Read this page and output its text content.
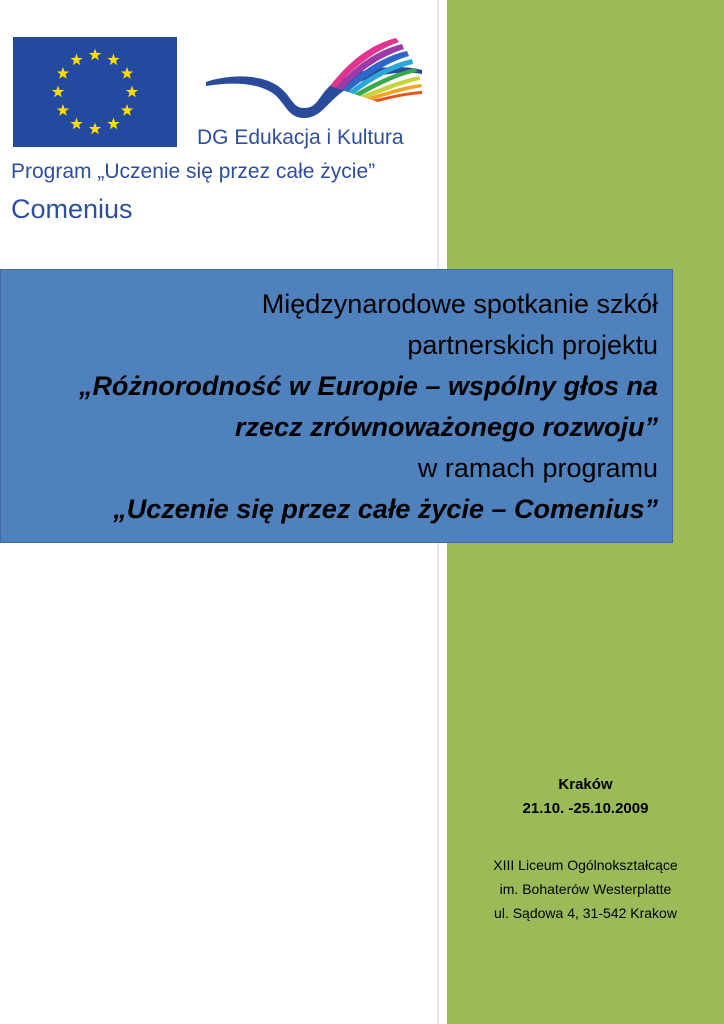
DG Edukacja i Kultura
Program „Uczenie się przez całe życie”
Comenius
Międzynarodowe spotkanie szkół
partnerskich projektu
„Różnorodność w Europie – wspólny głos na
rzecz zrównoważonego rozwoju”
w ramach programu
„Uczenie się przez całe życie – Comenius”
Kraków
21.10. -25.10.2009
XIII Liceum Ogólnokształcące
im. Bohaterów Westerplatte
ul. Sądowa 4, 31-542 Krakow
